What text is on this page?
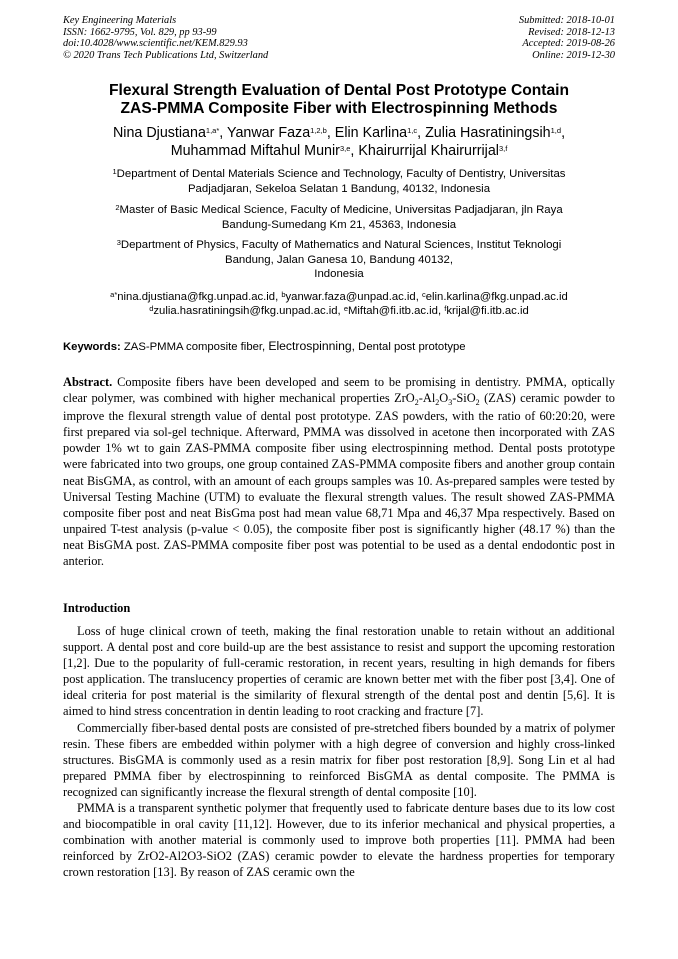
Key Engineering Materials
ISSN: 1662-9795, Vol. 829, pp 93-99
doi:10.4028/www.scientific.net/KEM.829.93
© 2020 Trans Tech Publications Ltd, Switzerland
Submitted: 2018-10-01
Revised: 2018-12-13
Accepted: 2019-08-26
Online: 2019-12-30
Flexural Strength Evaluation of Dental Post Prototype Contain
ZAS-PMMA Composite Fiber with Electrospinning Methods
Nina Djustiana$^{1,a*}$, Yanwar Faza$^{1,2,b}$, Elin Karlina$^{1,c}$, Zulia Hasratiningsih$^{1,d}$,
Muhammad Miftahul Munir$^{3,e}$, Khairurrijal Khairurrijal$^{3,f}$
$^1$Department of Dental Materials Science and Technology, Faculty of Dentistry, Universitas
Padjadjaran, Sekeloa Selatan 1 Bandung, 40132, Indonesia
$^2$Master of Basic Medical Science, Faculty of Medicine, Universitas Padjadjaran, jln Raya
Bandung-Sumedang Km 21, 45363, Indonesia
$^3$Department of Physics, Faculty of Mathematics and Natural Sciences, Institut Teknologi
Bandung, Jalan Ganesa 10, Bandung 40132,
Indonesia
$^{a*}$nina.djustiana@fkg.unpad.ac.id, $^b$yanwar.faza@unpad.ac.id, $^c$elin.karlina@fkg.unpad.ac.id
$^d$zulia.hasratiningsih@fkg.unpad.ac.id, $^e$Miftah@fi.itb.ac.id, $^f$krijal@fi.itb.ac.id
Keywords: ZAS-PMMA composite fiber, Electrospinning, Dental post prototype
Abstract. Composite fibers have been developed and seem to be promising in dentistry. PMMA, optically clear polymer, was combined with higher mechanical properties $ZrO_2-Al_2O_3-SiO_2$ (ZAS) ceramic powder to improve the flexural strength value of dental post prototype. ZAS powders, with the ratio of 60:20:20, were first prepared via sol-gel technique. Afterward, PMMA was dissolved in acetone then incorporated with ZAS powder 1% wt to gain ZAS-PMMA composite fiber using electrospinning method. Dental posts prototype were fabricated into two groups, one group contained ZAS-PMMA composite fibers and another group contain neat BisGMA, as control, with an amount of each groups samples was 10. As-prepared samples were tested by Universal Testing Machine (UTM) to evaluate the flexural strength values. The result showed ZAS-PMMA composite fiber post and neat BisGma post had mean value 68,71 Mpa and 46,37 Mpa respectively. Based on unpaired T-test analysis (p-value < 0.05), the composite fiber post is significantly higher (48.17 %) than the neat BisGMA post. ZAS-PMMA composite fiber post was potential to be used as a dental endodontic post in anterior.
Introduction

Loss of huge clinical crown of teeth, making the final restoration unable to retain without an additional support. A dental post and core build-up are the best assistance to resist and support the upcoming restoration [1,2]. Due to the popularity of full-ceramic restoration, in recent years, resulting in high demands for fibers post application. The translucency properties of ceramic are known better met with the fiber post [3,4]. One of ideal criteria for post material is the similarity of flexural strength of the dental post and dentin [5,6]. It is aimed to hind stress concentration in dentin leading to root cracking and fracture [7].

Commercially fiber-based dental posts are consisted of pre-stretched fibers bounded by a matrix of polymer resin. These fibers are embedded within polymer with a high degree of conversion and highly cross-linked structures. BisGMA is commonly used as a resin matrix for fiber post restoration [8,9]. Song Lin et al had prepared PMMA fiber by electrospinning to reinforced BisGMA as dental composite. The PMMA is recognized can significantly increase the flexural strength of dental composite [10].

PMMA is a transparent synthetic polymer that frequently used to fabricate denture bases due to its low cost and biocompatible in oral cavity [11,12]. However, due to its inferior mechanical and physical properties, a combination with another material is commonly used to improve both properties [11]. PMMA had been reinforced by ZrO2-Al2O3-SiO2 (ZAS) ceramic powder to elevate the hardness properties for temporary crown restoration [13]. By reason of ZAS ceramic own the
